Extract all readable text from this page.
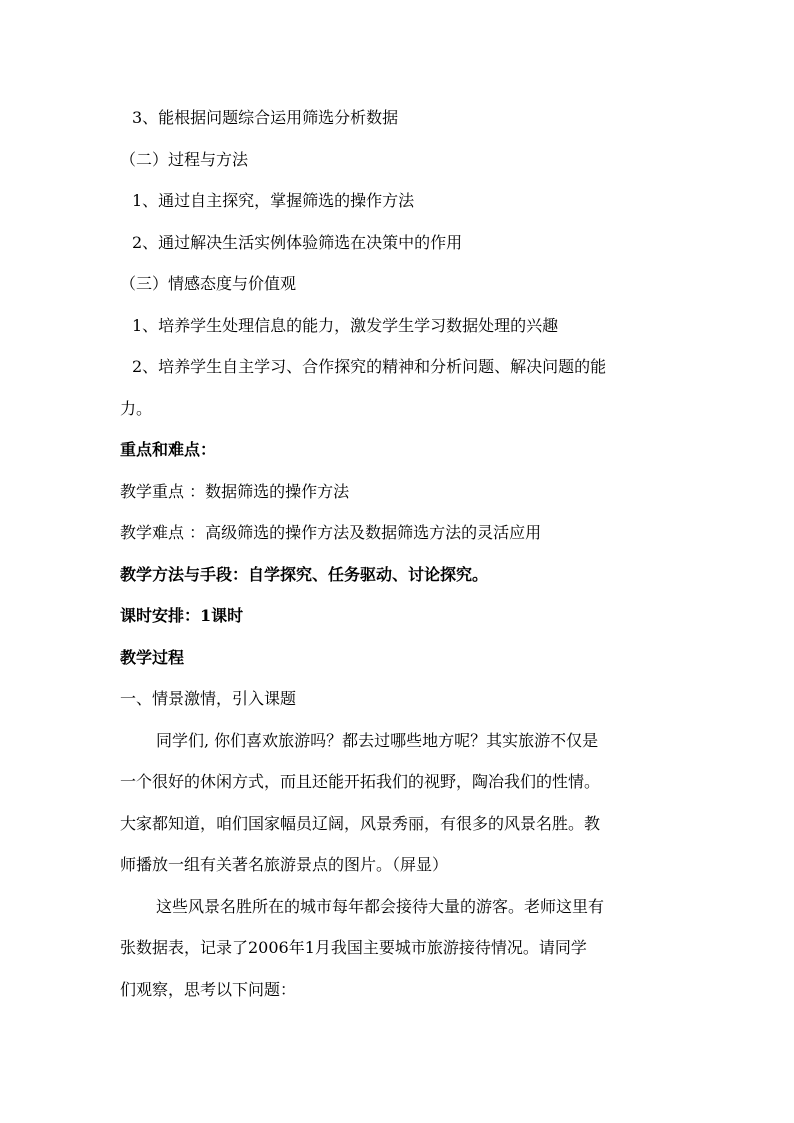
3、能根据问题综合运用筛选分析数据
（二）过程与方法
1、通过自主探究，掌握筛选的操作方法
2、通过解决生活实例体验筛选在决策中的作用
（三）情感态度与价值观
1、培养学生处理信息的能力，激发学生学习数据处理的兴趣
2、培养学生自主学习、合作探究的精神和分析问题、解决问题的能
力。
重点和难点：
教学重点 ：数据筛选的操作方法
教学难点 ：高级筛选的操作方法及数据筛选方法的灵活应用
教学方法与手段：自学探究、任务驱动、讨论探究。
课时安排：1课时
教学过程
一、情景激情，引入课题
同学们, 你们喜欢旅游吗？都去过哪些地方呢？其实旅游不仅是
一个很好的休闲方式，而且还能开拓我们的视野，陶冶我们的性情。
大家都知道，咱们国家幅员辽阔，风景秀丽，有很多的风景名胜。教
师播放一组有关著名旅游景点的图片。（屏显）
这些风景名胜所在的城市每年都会接待大量的游客。老师这里有
张数据表，记录了2006年1月我国主要城市旅游接待情况。请同学
们观察，思考以下问题：
